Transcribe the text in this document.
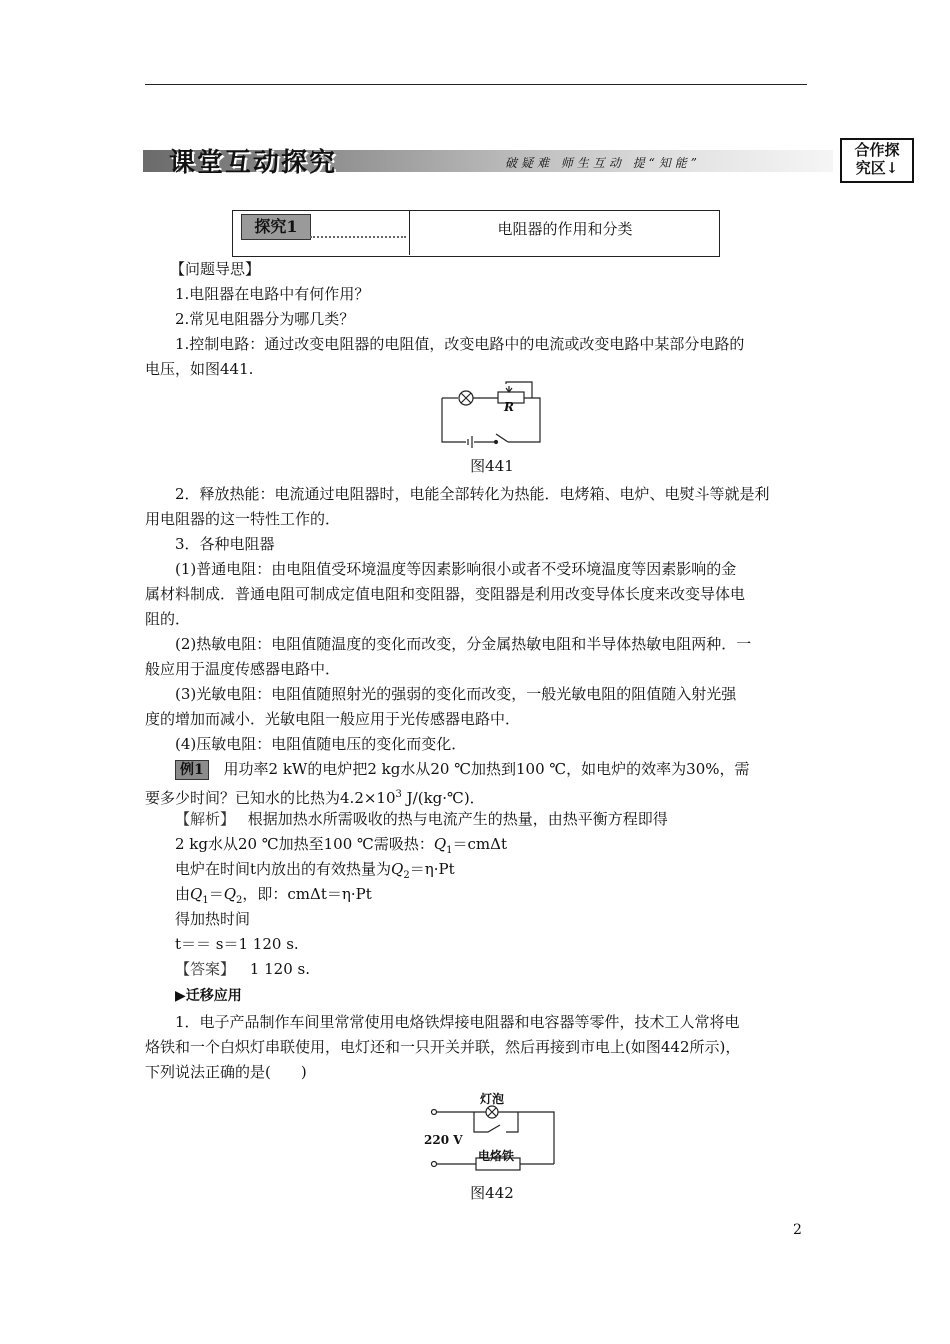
课堂互动探究	破疑难 师生互动 提“知能”
合作探
究区↓
探究1	电阻器的作用和分类
【问题导思】
1.电阻器在电路中有何作用？
2.常见电阻器分为哪几类？
1.控制电路：通过改变电阻器的电阻值，改变电路中的电流或改变电路中某部分电路的
电压，如图441.
R
图441
2．释放热能：电流通过电阻器时，电能全部转化为热能．电烤箱、电炉、电熨斗等就是利
用电阻器的这一特性工作的．
3．各种电阻器
(1)普通电阻：由电阻值受环境温度等因素影响很小或者不受环境温度等因素影响的金
属材料制成．普通电阻可制成定值电阻和变阻器，变阻器是利用改变导体长度来改变导体电
阻的．
(2)热敏电阻：电阻值随温度的变化而改变，分金属热敏电阻和半导体热敏电阻两种．一
般应用于温度传感器电路中．
(3)光敏电阻：电阻值随照射光的强弱的变化而改变，一般光敏电阻的阻值随入射光强
度的增加而减小．光敏电阻一般应用于光传感器电路中．
(4)压敏电阻：电阻值随电压的变化而变化．
例1 用功率2 kW的电炉把2 kg水从20 ℃加热到100 ℃，如电炉的效率为30%，需
要多少时间？已知水的比热为$4.2\times 10^3$ J/(kg·℃)．
【解析】 根据加热水所需吸收的热与电流产生的热量，由热平衡方程即得
2 kg水从20 ℃加热至100 ℃需吸热：$Q_1=cm\Delta t$
电炉在时间t内放出的有效热量为$Q_2=\eta\cdot Pt$
由$Q_1=Q_2$，即：cmΔt＝η·Pt
得加热时间
t＝＝ s＝1 120 s.
【答案】 1 120 s.
▶迁移应用
1．电子产品制作车间里常常使用电烙铁焊接电阻器和电容器等零件，技术工人常将电
烙铁和一个白炽灯串联使用，电灯还和一只开关并联，然后再接到市电上(如图442所示)，
下列说法正确的是(　　)
灯泡
220 V
电烙铁
图442
2
